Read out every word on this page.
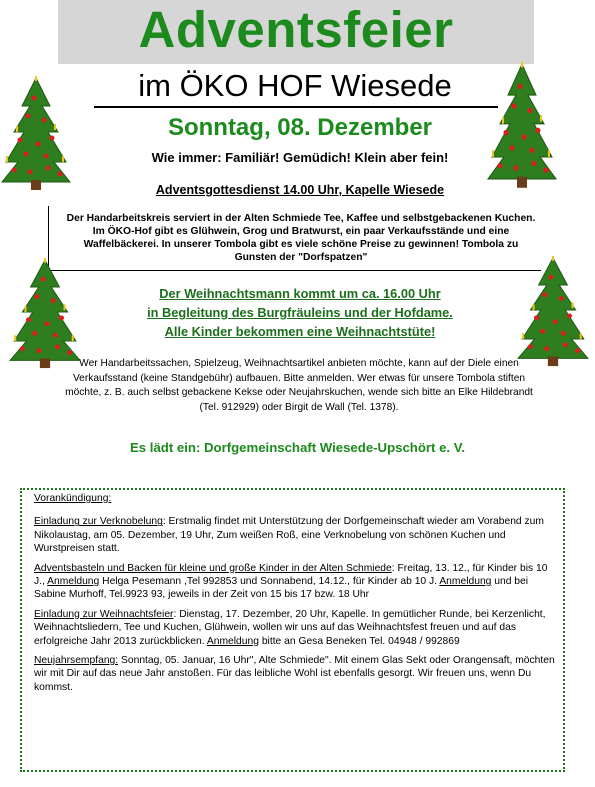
Adventsfeier
im ÖKO HOF Wiesede
Sonntag, 08. Dezember
Wie immer: Familiär! Gemüdich! Klein aber fein!
Adventsgottesdienst 14.00 Uhr, Kapelle Wiesede
Der Handarbeitskreis serviert in der Alten Schmiede Tee, Kaffee und selbstgebackenen Kuchen. Im ÖKO-Hof gibt es Glühwein, Grog und Bratwurst, ein paar Verkaufsstände und eine Waffelbäckerei. In unserer Tombola gibt es viele schöne Preise zu gewinnen! Tombola zu Gunsten der "Dorfspatzen"
Der Weihnachtsmann kommt um ca. 16.00 Uhr
in Begleitung des Burgfräuleins und der Hofdame.
Alle Kinder bekommen eine Weihnachtstüte!
Wer Handarbeitssachen, Spielzeug, Weihnachtsartikel anbieten möchte, kann auf der Diele einen Verkaufsstand (keine Standgebühr) aufbauen. Bitte anmelden. Wer etwas für unsere Tombola stiften möchte, z. B. auch selbst gebackene Kekse oder Neujahrskuchen, wende sich bitte an Elke Hildebrandt (Tel. 912929) oder Birgit de Wall (Tel. 1378).
Es lädt ein: Dorfgemeinschaft Wiesede-Upschört e. V.
Vorankündigung:

Einladung zur Verknobelung: Erstmalig findet mit Unterstützung der Dorfgemeinschaft wieder am Vorabend zum Nikolaustag, am 05. Dezember, 19 Uhr, Zum weißen Roß, eine Verknobelung von schönen Kuchen und Wurstpreisen statt.

Adventsbasteln und Backen für kleine und große Kinder in der Alten Schmiede: Freitag, 13. 12., für Kinder bis 10 J., Anmeldung Helga Pesemann ,Tel 992853 und Sonnabend, 14.12., für Kinder ab 10 J. Anmeldung und bei Sabine Murhoff, Tel.9923 93, jeweils in der Zeit von 15 bis 17 bzw. 18 Uhr

Einladung zur Weihnachtsfeier: Dienstag, 17. Dezember, 20 Uhr, Kapelle. In gemütlicher Runde, bei Kerzenlicht, Weihnachtsliedern, Tee und Kuchen, Glühwein, wollen wir uns auf das Weihnachtsfest freuen und auf das erfolgreiche Jahr 2013 zurückblicken. Anmeldung bitte an Gesa Beneken Tel. 04948 / 992869

Neujahrsempfang: Sonntag, 05. Januar, 16 Uhr", Alte Schmiede". Mit einem Glas Sekt oder Orangensaft, möchten wir mit Dir auf das neue Jahr anstoßen. Für das leibliche Wohl ist ebenfalls gesorgt. Wir freuen uns, wenn Du kommst.
